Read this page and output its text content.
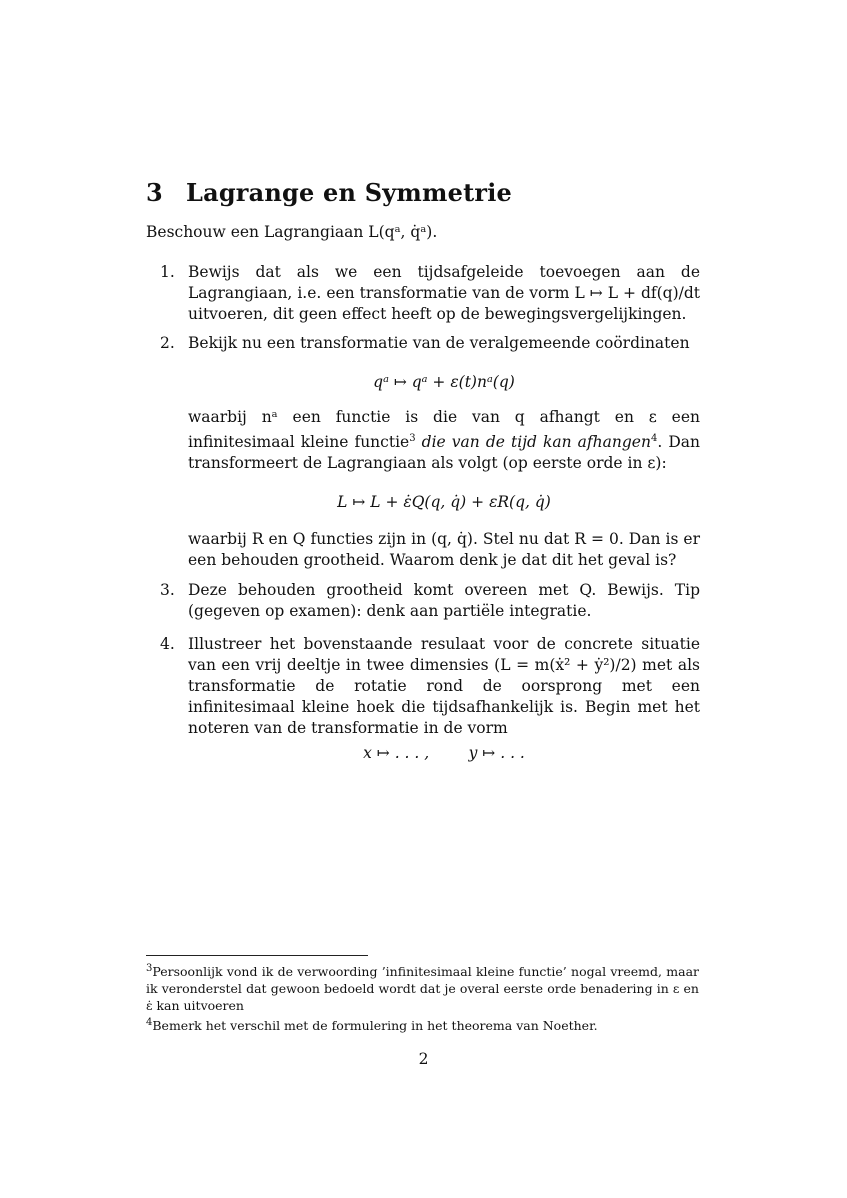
3 Lagrange en Symmetrie
Beschouw een Lagrangiaan L(qᵃ, q̇ᵃ).
1. Bewijs dat als we een tijdsafgeleide toevoegen aan de Lagrangiaan, i.e. een transformatie van de vorm L ↦ L + df(q)/dt uitvoeren, dit geen effect heeft op de bewegingsvergelijkingen.
2. Bekijk nu een transformatie van de veralgemeende coördinaten
qᵃ ↦ qᵃ + ε(t)nᵃ(q)
waarbij nᵃ een functie is die van q afhangt en ε een infinitesimaal kleine functie$^3$ die van de tijd kan afhangen$^4$. Dan transformeert de Lagrangiaan als volgt (op eerste orde in ε):
L ↦ L + ε̇Q(q, q̇) + εR(q, q̇)
waarbij R en Q functies zijn in (q, q̇). Stel nu dat R = 0. Dan is er een behouden grootheid. Waarom denk je dat dit het geval is?
3. Deze behouden grootheid komt overeen met Q. Bewijs. Tip (gegeven op examen): denk aan partiële integratie.
4. Illustreer het bovenstaande resulaat voor de concrete situatie van een vrij deeltje in twee dimensies (L = m(ẋ² + ẏ²)/2) met als transformatie de rotatie rond de oorsprong met een infinitesimaal kleine hoek die tijdsafhankelijk is. Begin met het noteren van de transformatie in de vorm
x ↦ . . . ,        y ↦ . . .

$^3$Persoonlijk vond ik de verwoording ’infinitesimaal kleine functie’ nogal vreemd, maar ik veronderstel dat gewoon bedoeld wordt dat je overal eerste orde benadering in ε en ε̇ kan uitvoeren

$^4$Bemerk het verschil met de formulering in het theorema van Noether.

2
